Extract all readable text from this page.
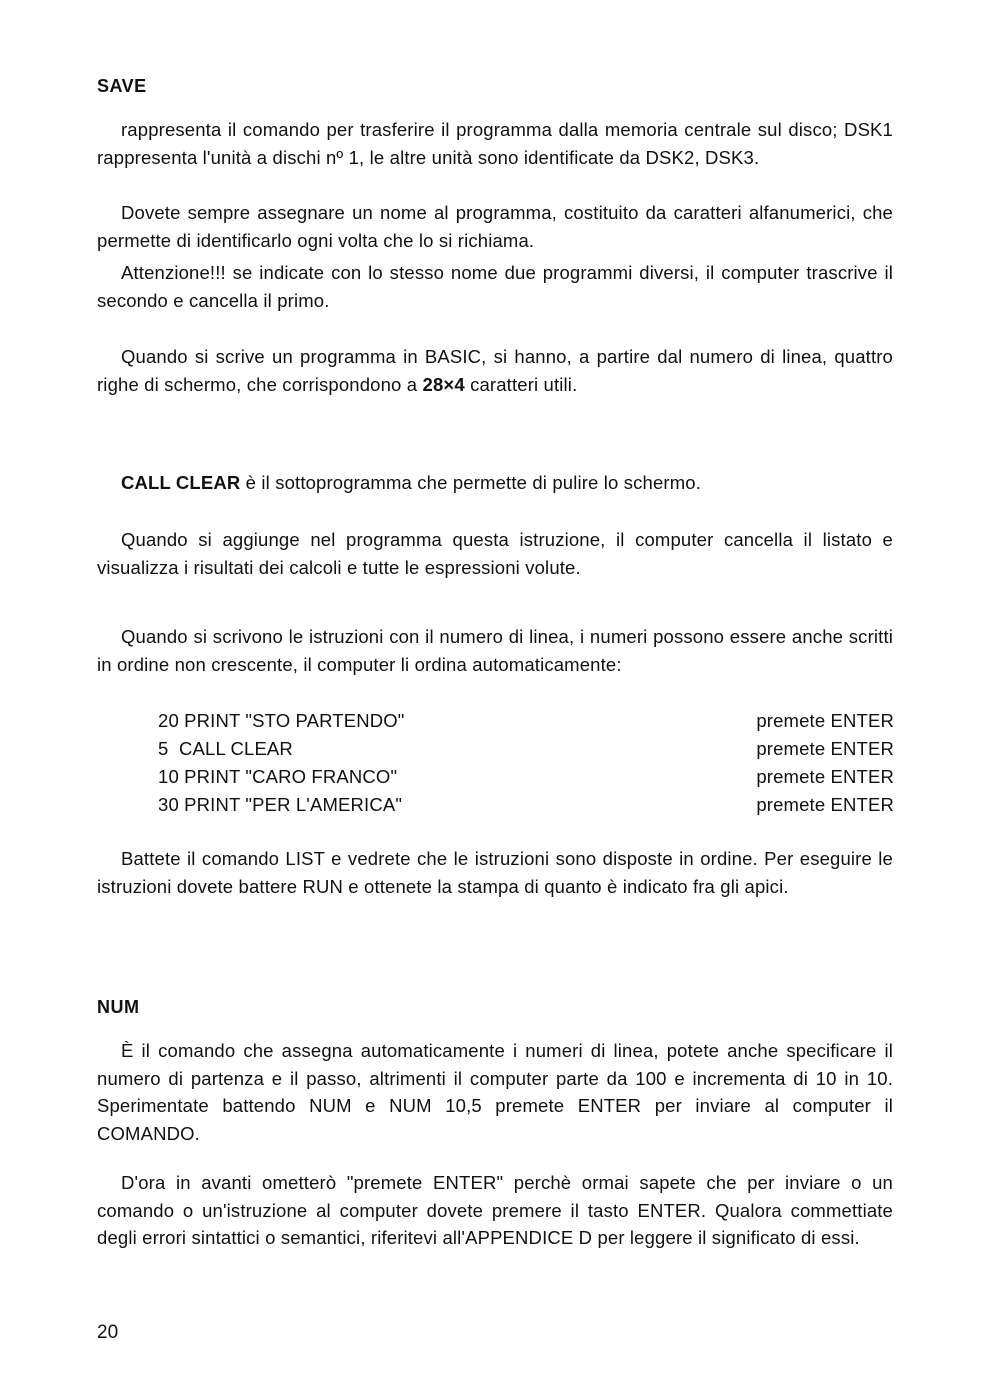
SAVE

rappresenta il comando per trasferire il programma dalla memoria centrale sul disco; DSK1 rappresenta l'unità a dischi nº 1, le altre unità sono identificate da DSK2, DSK3.

Dovete sempre assegnare un nome al programma, costituito da caratteri alfanumerici, che permette di identificarlo ogni volta che lo si richiama.

Attenzione!!! se indicate con lo stesso nome due programmi diversi, il computer trascrive il secondo e cancella il primo.

Quando si scrive un programma in BASIC, si hanno, a partire dal numero di linea, quattro righe di schermo, che corrispondono a 28×4 caratteri utili.

CALL CLEAR è il sottoprogramma che permette di pulire lo schermo.

Quando si aggiunge nel programma questa istruzione, il computer cancella il listato e visualizza i risultati dei calcoli e tutte le espressioni volute.

Quando si scrivono le istruzioni con il numero di linea, i numeri possono essere anche scritti in ordine non crescente, il computer li ordina automaticamente:

20 PRINT "STO PARTENDO"	premete ENTER
5  CALL CLEAR	premete ENTER
10 PRINT "CARO FRANCO"	premete ENTER
30 PRINT "PER L'AMERICA"	premete ENTER

Battete il comando LIST e vedrete che le istruzioni sono disposte in ordine. Per eseguire le istruzioni dovete battere RUN e ottenete la stampa di quanto è indicato fra gli apici.

NUM

È il comando che assegna automaticamente i numeri di linea, potete anche specificare il numero di partenza e il passo, altrimenti il computer parte da 100 e incrementa di 10 in 10. Sperimentate battendo NUM e NUM 10,5 premete ENTER per inviare al computer il COMANDO.

D'ora in avanti ometterò "premete ENTER" perchè ormai sapete che per inviare o un comando o un'istruzione al computer dovete premere il tasto ENTER. Qualora commettiate degli errori sintattici o semantici, riferitevi all'APPENDICE D per leggere il significato di essi.

20
